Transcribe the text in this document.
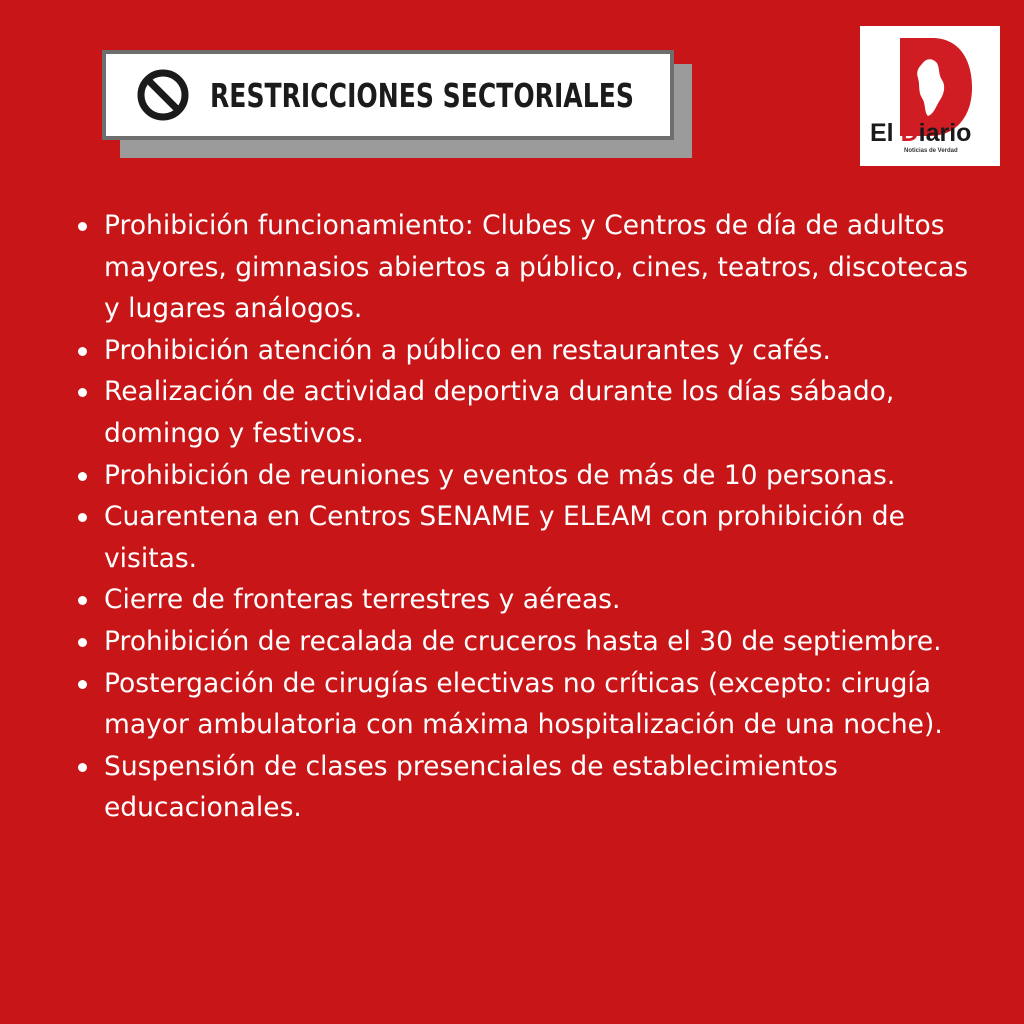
RESTRICCIONES SECTORIALES
El Diario
Noticias de Verdad
Prohibición funcionamiento: Clubes y Centros de día de adultos mayores, gimnasios abiertos a público, cines, teatros, discotecas y lugares análogos.
Prohibición atención a público en restaurantes y cafés.
Realización de actividad deportiva durante los días sábado, domingo y festivos.
Prohibición de reuniones y eventos de más de 10 personas.
Cuarentena en Centros SENAME y ELEAM con prohibición de visitas.
Cierre de fronteras terrestres y aéreas.
Prohibición de recalada de cruceros hasta el 30 de septiembre.
Postergación de cirugías electivas no críticas (excepto: cirugía mayor ambulatoria con máxima hospitalización de una noche).
Suspensión de clases presenciales de establecimientos educacionales.
